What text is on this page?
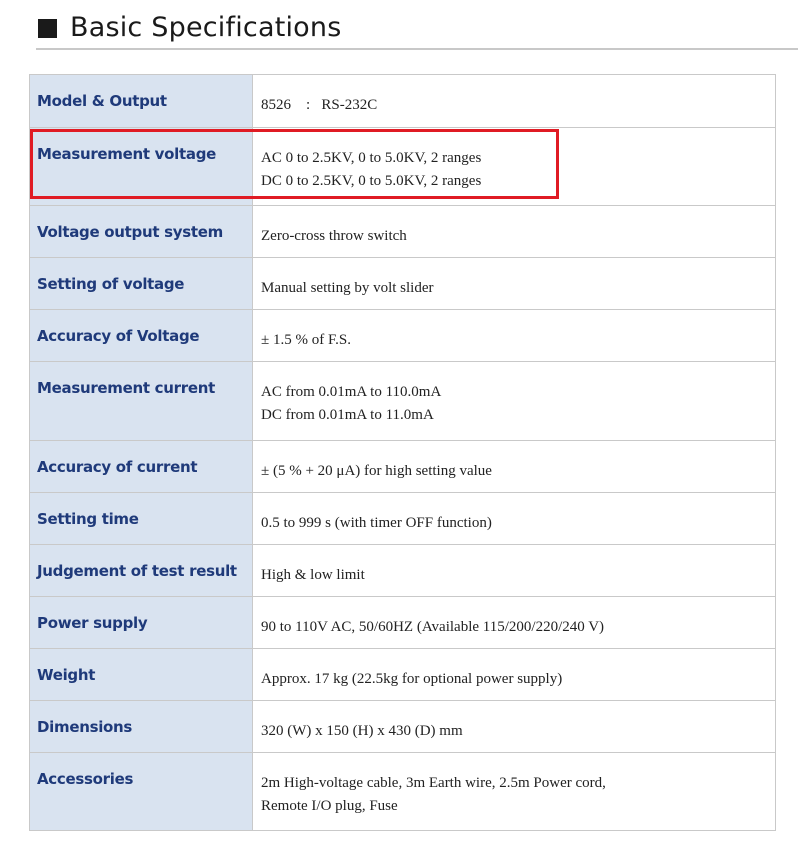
Basic Specifications
Model & Output	8526    :   RS-232C

Measurement voltage	AC 0 to 2.5KV, 0 to 5.0KV, 2 ranges
DC 0 to 2.5KV, 0 to 5.0KV, 2 ranges

Voltage output system	Zero-cross throw switch

Setting of voltage	Manual setting by volt slider

Accuracy of Voltage	± 1.5 % of F.S.

Measurement current	AC from 0.01mA to 110.0mA
DC from 0.01mA to 11.0mA

Accuracy of current	± (5 % + 20 μA) for high setting value

Setting time	0.5 to 999 s (with timer OFF function)

Judgement of test result	High & low limit

Power supply	90 to 110V AC, 50/60HZ (Available 115/200/220/240 V)

Weight	Approx. 17 kg (22.5kg for optional power supply)

Dimensions	320 (W) x 150 (H) x 430 (D) mm

Accessories	2m High-voltage cable, 3m Earth wire, 2.5m Power cord,
Remote I/O plug, Fuse
